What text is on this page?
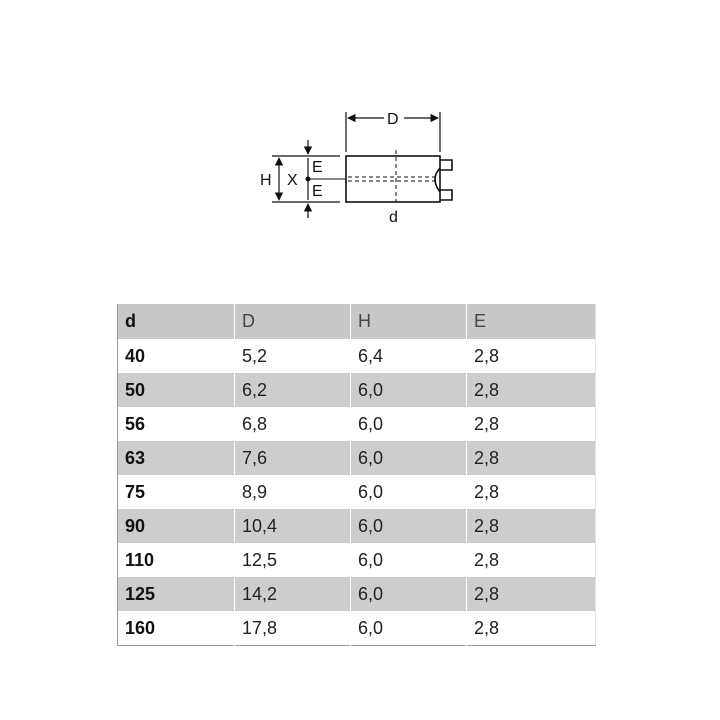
D
H
E
E
X
d
d	D	H	E
40	5,2	6,4	2,8
50	6,2	6,0	2,8
56	6,8	6,0	2,8
63	7,6	6,0	2,8
75	8,9	6,0	2,8
90	10,4	6,0	2,8
110	12,5	6,0	2,8
125	14,2	6,0	2,8
160	17,8	6,0	2,8
